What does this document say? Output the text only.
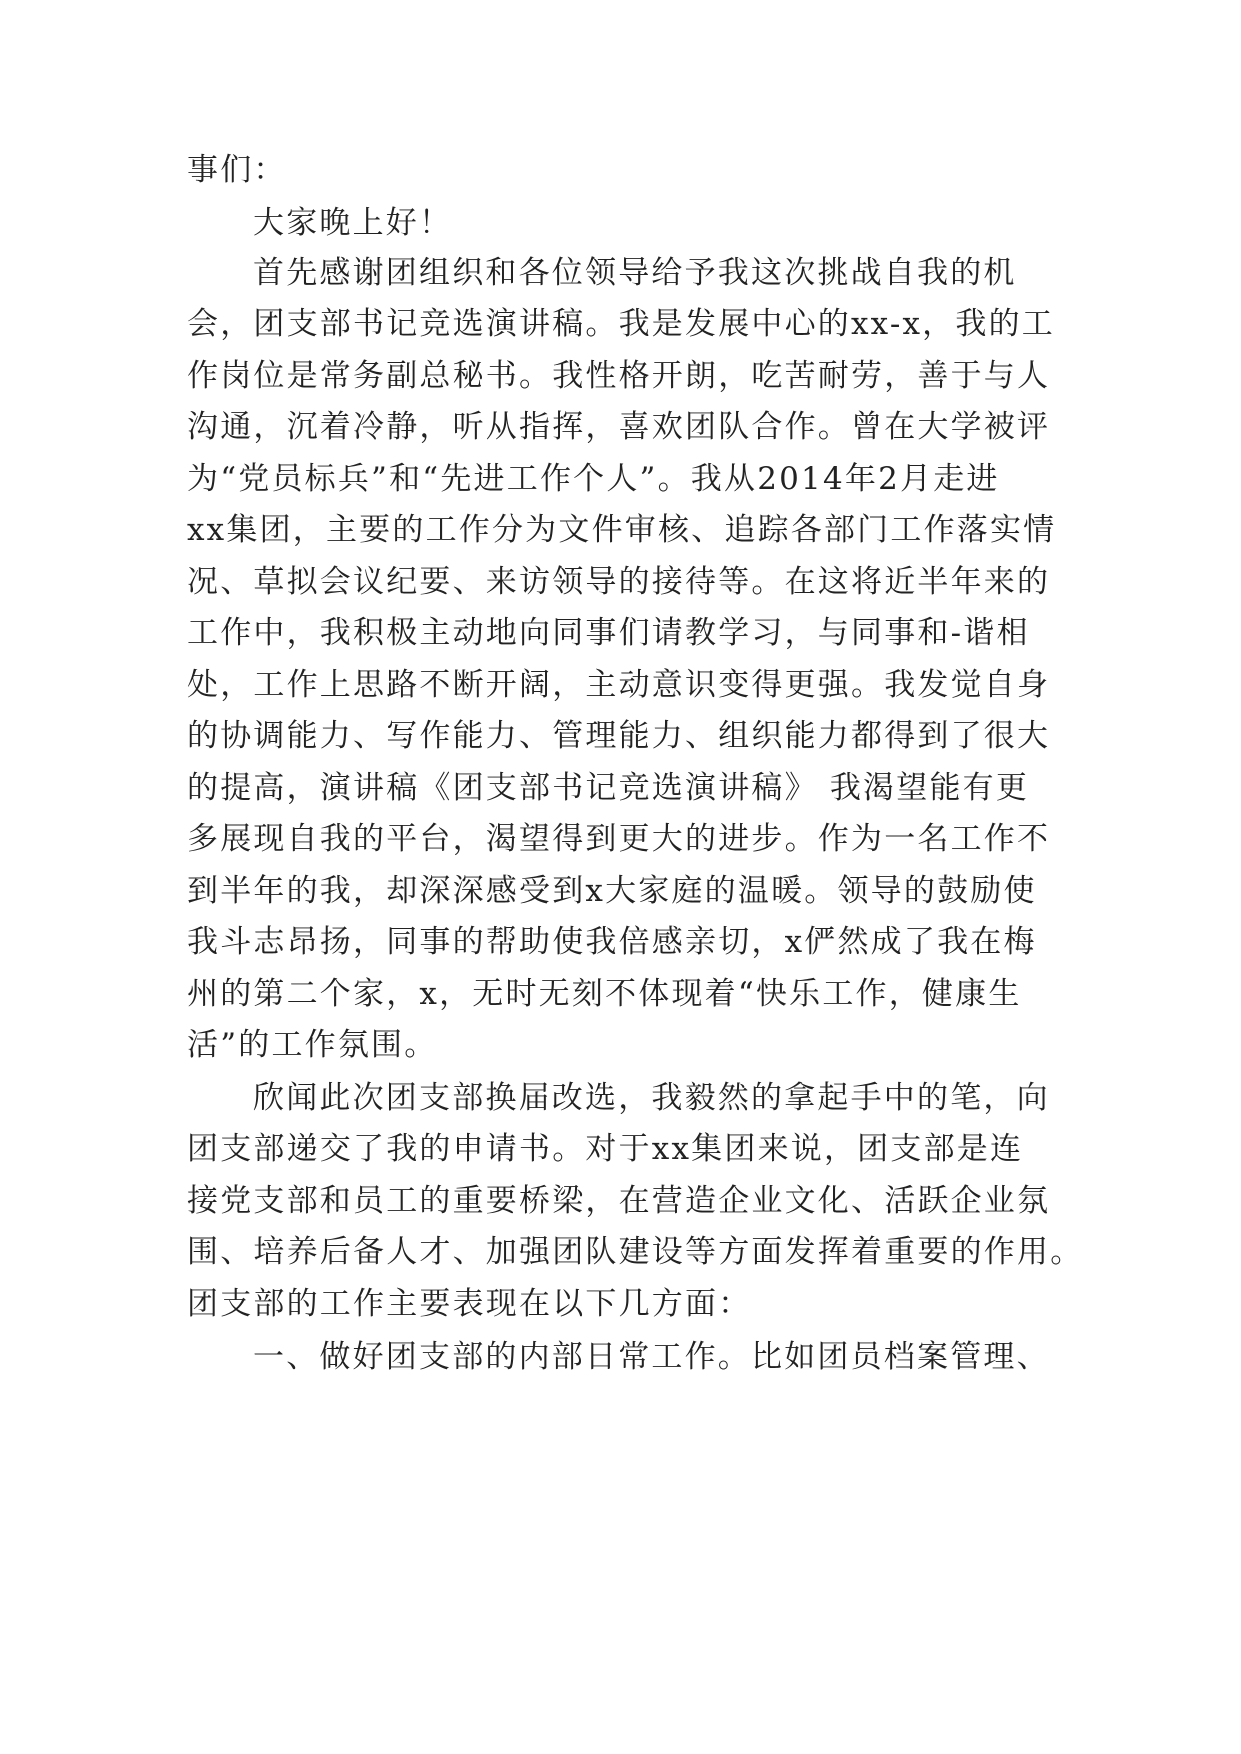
事们：
大家晚上好！
首先感谢团组织和各位领导给予我这次挑战自我的机
会，团支部书记竞选演讲稿。我是发展中心的xx-x，我的工
作岗位是常务副总秘书。我性格开朗，吃苦耐劳，善于与人
沟通，沉着冷静，听从指挥，喜欢团队合作。曾在大学被评
为“党员标兵”和“先进工作个人”。我从2014年2月走进
xx集团，主要的工作分为文件审核、追踪各部门工作落实情
况、草拟会议纪要、来访领导的接待等。在这将近半年来的
工作中，我积极主动地向同事们请教学习，与同事和-谐相
处，工作上思路不断开阔，主动意识变得更强。我发觉自身
的协调能力、写作能力、管理能力、组织能力都得到了很大
的提高，演讲稿《团支部书记竞选演讲稿》 我渴望能有更
多展现自我的平台，渴望得到更大的进步。作为一名工作不
到半年的我，却深深感受到x大家庭的温暖。领导的鼓励使
我斗志昂扬，同事的帮助使我倍感亲切，x俨然成了我在梅
州的第二个家，x，无时无刻不体现着“快乐工作，健康生
活”的工作氛围。
欣闻此次团支部换届改选，我毅然的拿起手中的笔，向
团支部递交了我的申请书。对于xx集团来说，团支部是连
接党支部和员工的重要桥梁，在营造企业文化、活跃企业氛
围、培养后备人才、加强团队建设等方面发挥着重要的作用。
团支部的工作主要表现在以下几方面：
一、做好团支部的内部日常工作。比如团员档案管理、
